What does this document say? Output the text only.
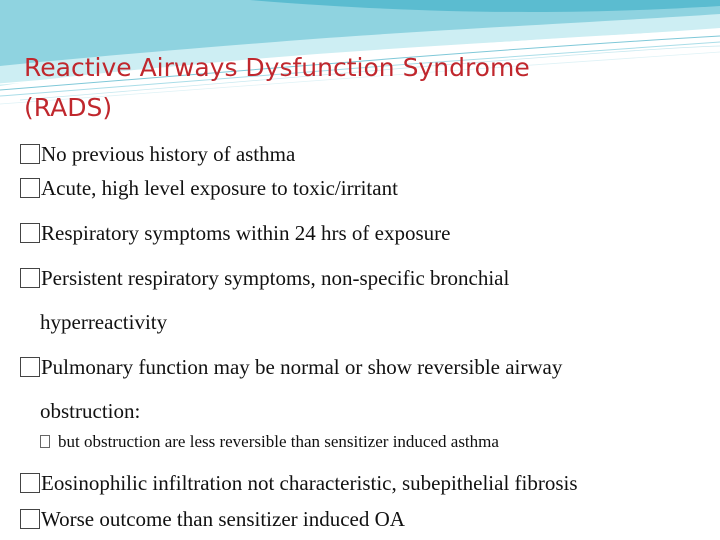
Reactive Airways Dysfunction Syndrome
(RADS)
No previous history of asthma
Acute, high level exposure to toxic/irritant
Respiratory symptoms within 24 hrs of exposure
Persistent respiratory symptoms, non-specific bronchial
hyperreactivity
Pulmonary function may be normal or show reversible airway
obstruction:
but obstruction are less reversible than sensitizer induced asthma
Eosinophilic infiltration not characteristic, subepithelial fibrosis
Worse outcome than sensitizer induced OA
